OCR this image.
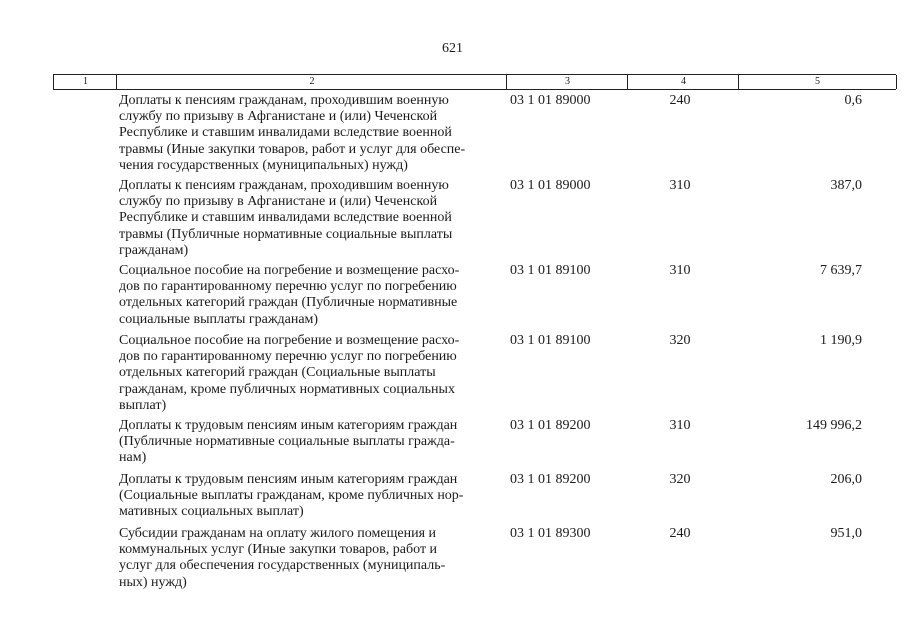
621
1	2	3	4	5
Доплаты к пенсиям гражданам, проходившим военную
службу по призыву в Афганистане и (или) Чеченской
Республике и ставшим инвалидами вследствие военной
травмы (Иные закупки товаров, работ и услуг для обеспе-
чения государственных (муниципальных) нужд)
03 1 01 89000	240	0,6
Доплаты к пенсиям гражданам, проходившим военную
службу по призыву в Афганистане и (или) Чеченской
Республике и ставшим инвалидами вследствие военной
травмы (Публичные нормативные социальные выплаты
гражданам)
03 1 01 89000	310	387,0
Социальное пособие на погребение и возмещение расхо-
дов по гарантированному перечню услуг по погребению
отдельных категорий граждан (Публичные нормативные
социальные выплаты гражданам)
03 1 01 89100	310	7 639,7
Социальное пособие на погребение и возмещение расхо-
дов по гарантированному перечню услуг по погребению
отдельных категорий граждан (Социальные выплаты
гражданам, кроме публичных нормативных социальных
выплат)
03 1 01 89100	320	1 190,9
Доплаты к трудовым пенсиям иным категориям граждан
(Публичные нормативные социальные выплаты гражда-
нам)
03 1 01 89200	310	149 996,2
Доплаты к трудовым пенсиям иным категориям граждан
(Социальные выплаты гражданам, кроме публичных нор-
мативных социальных выплат)
03 1 01 89200	320	206,0
Субсидии гражданам на оплату жилого помещения и
коммунальных услуг (Иные закупки товаров, работ и
услуг для обеспечения государственных (муниципаль-
ных) нужд)
03 1 01 89300	240	951,0
